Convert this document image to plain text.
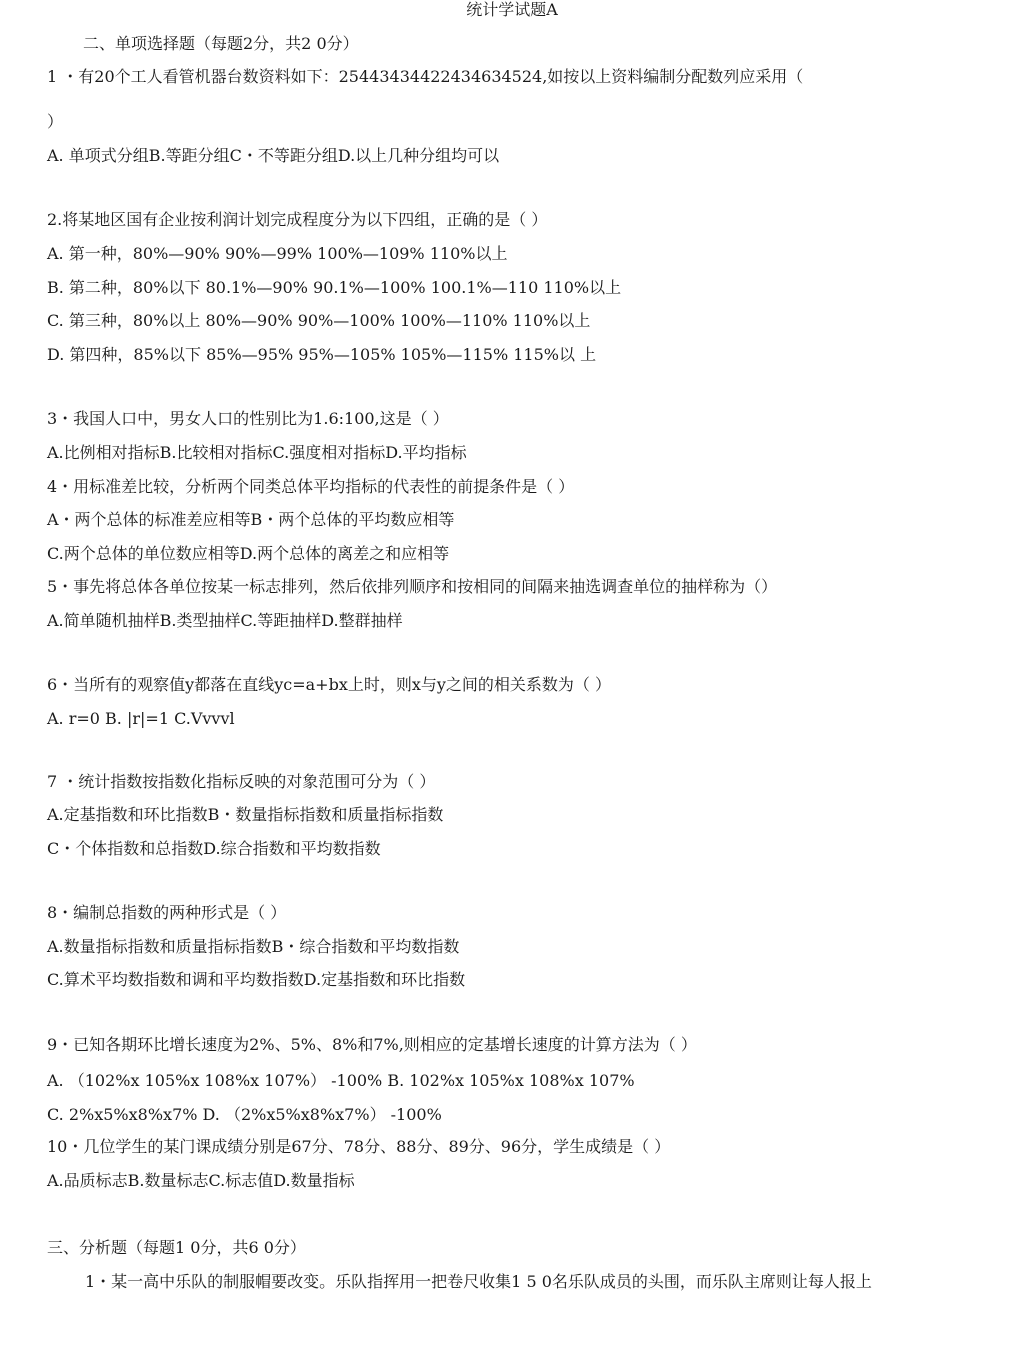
统计学试题A
二、单项选择题（每题2分，共2 0分）
1 ・有20个工人看管机器台数资料如下：25443434422434634524,如按以上资料编制分配数列应采用（
）
A. 单项式分组B.等距分组C・不等距分组D.以上几种分组均可以
2.将某地区国有企业按利润计划完成程度分为以下四组，正确的是（ ）
A. 第一种，80%—90% 90%—99% 100%—109% 110%以上
B. 第二种，80%以下 80.1%—90% 90.1%—100% 100.1%—110 110%以上
C. 第三种，80%以上 80%—90% 90%—100% 100%—110% 110%以上
D. 第四种，85%以下 85%—95% 95%—105% 105%—115% 115%以 上
3・我国人口中，男女人口的性别比为1.6:100,这是（ ）
A.比例相对指标B.比较相对指标C.强度相对指标D.平均指标
4・用标准差比较，分析两个同类总体平均指标的代表性的前提条件是（ ）
A・两个总体的标准差应相等B・两个总体的平均数应相等
C.两个总体的单位数应相等D.两个总体的离差之和应相等
5・事先将总体各单位按某一标志排列，然后依排列顺序和按相同的间隔来抽选调查单位的抽样称为（）
A.简单随机抽样B.类型抽样C.等距抽样D.整群抽样
6・当所有的观察值y都落在直线yc=a+bx上时，则x与y之间的相关系数为（ ）
A. r=0 B. |r|=1 C.Vvvvl
7 ・统计指数按指数化指标反映的对象范围可分为（ ）
A.定基指数和环比指数B・数量指标指数和质量指标指数
C・个体指数和总指数D.综合指数和平均数指数
8・编制总指数的两种形式是（ ）
A.数量指标指数和质量指标指数B・综合指数和平均数指数
C.算术平均数指数和调和平均数指数D.定基指数和环比指数
9・已知各期环比增长速度为2%、5%、8%和7%,则相应的定基增长速度的计算方法为（ ）
A. （102%x 105%x 108%x 107%） -100% B. 102%x 105%x 108%x 107%
C. 2%x5%x8%x7% D. （2%x5%x8%x7%） -100%
10・几位学生的某门课成绩分别是67分、78分、88分、89分、96分，学生成绩是（ ）
A.品质标志B.数量标志C.标志值D.数量指标
三、分析题（每题1 0分，共6 0分）
1・某一高中乐队的制服帽要改变。乐队指挥用一把卷尺收集1 5 0名乐队成员的头围，而乐队主席则让每人报上
